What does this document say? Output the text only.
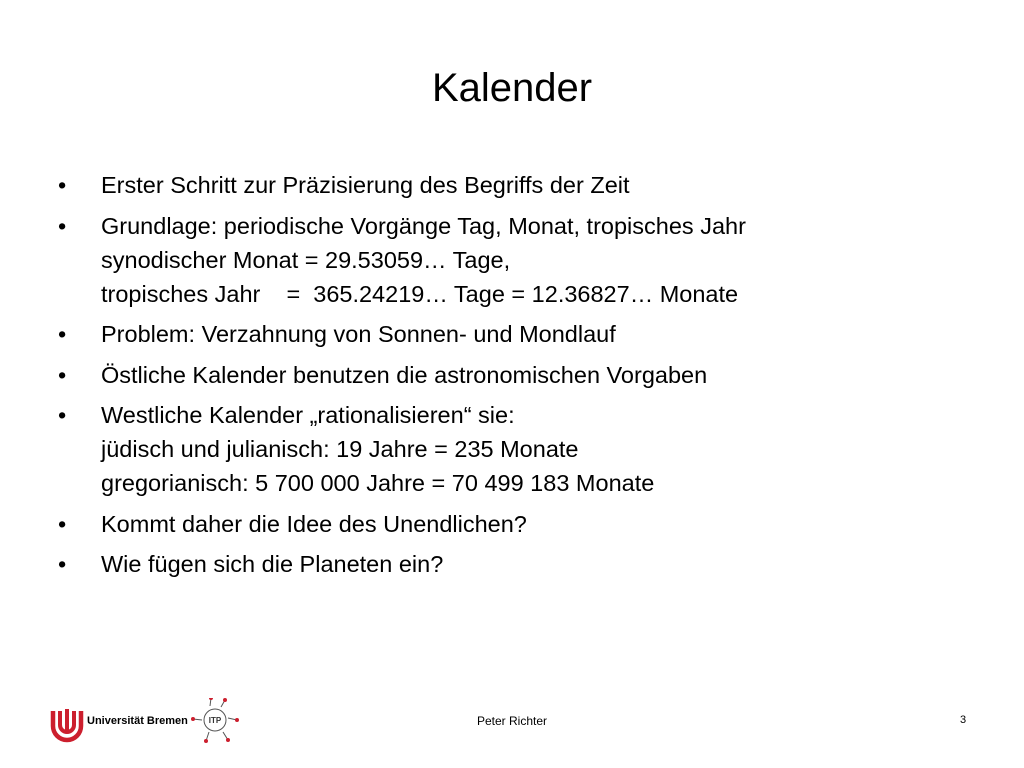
Kalender
• Erster Schritt zur Präzisierung des Begriffs der Zeit
• Grundlage: periodische Vorgänge Tag, Monat, tropisches Jahr
synodischer Monat = 29.53059… Tage,
tropisches Jahr    =  365.24219… Tage = 12.36827… Monate
• Problem: Verzahnung von Sonnen- und Mondlauf
• Östliche Kalender benutzen die astronomischen Vorgaben
• Westliche Kalender „rationalisieren“ sie:
jüdisch und julianisch: 19 Jahre = 235 Monate
gregorianisch: 5 700 000 Jahre = 70 499 183 Monate
• Kommt daher die Idee des Unendlichen?
• Wie fügen sich die Planeten ein?
Universität Bremen	ITP	Peter Richter	3
